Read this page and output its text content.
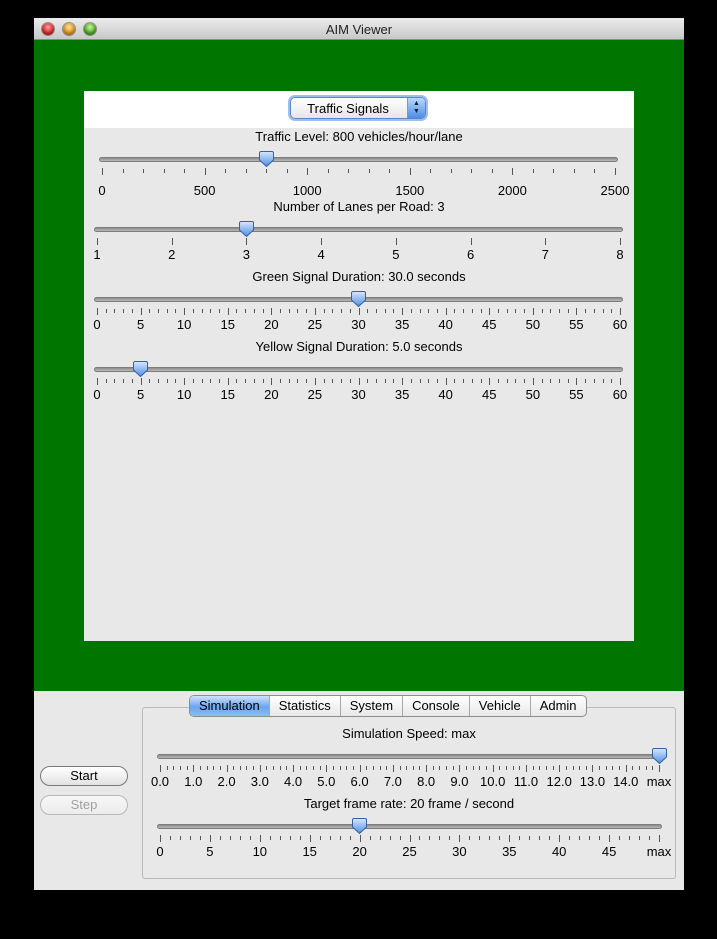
AIM Viewer
Traffic Signals	▲
▼
Traffic Level: 800 vehicles/hour/lane
0	500	1000	1500	2000	2500
Number of Lanes per Road: 3
1	2	3	4	5	6	7	8
Green Signal Duration: 30.0 seconds
0	5	10 15 20 25 30 35 40 45 50 55 60
Yellow Signal Duration: 5.0 seconds
0	5	10 15 20 25 30 35 40 45 50 55 60
Start
Step
Simulation Speed: max
0.0 1.0 2.0 3.0 4.0 5.0 6.0 7.0 8.0 9.0 10.0 11.0 12.0 13.0 14.0 max
Target frame rate: 20 frame / second
0	5	10	15	20	25	30	35	40	45 max
Simulation	Statistics	System	Console	Vehicle	Admin
